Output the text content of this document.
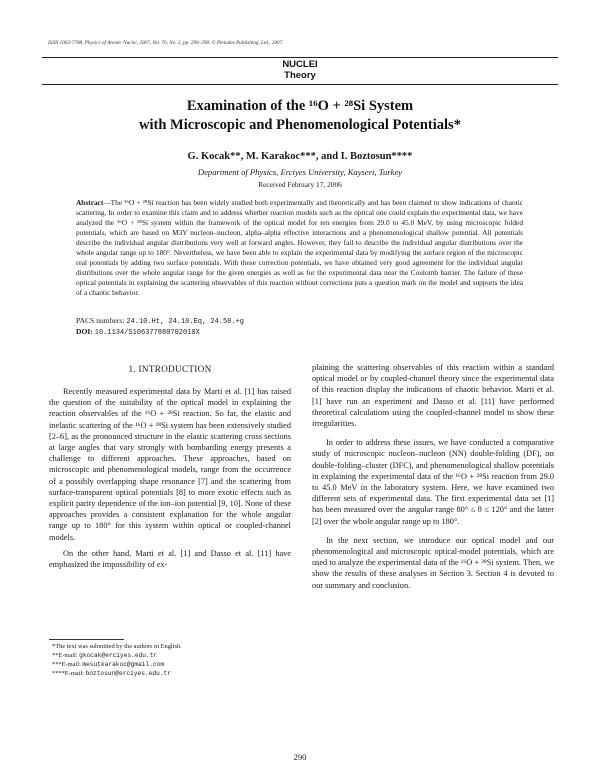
ISSN 1063-7788, Physics of Atomic Nuclei, 2007, Vol. 70, No. 2, pp. 290–298. © Pleiades Publishing, Ltd., 2007.
NUCLEI
Theory
Examination of the ¹⁶O + ²⁸Si System
with Microscopic and Phenomenological Potentials*
G. Kocak**, M. Karakoc***, and I. Boztosun****
Department of Physics, Erciyes University, Kayseri, Turkey
Received February 17, 2006
Abstract—The ¹⁶O + ²⁸Si reaction has been widely studied both experimentally and theoretically and has been claimed to show indications of chaotic scattering. In order to examine this claim and to address whether reaction models such as the optical one could explain the experimental data, we have analyzed the ¹⁶O + ²⁸Si system within the framework of the optical model for ten energies from 29.0 to 45.0 MeV, by using microscopic folded potentials, which are based on M3Y nucleon–nucleon, alpha–alpha effective interactions and a phenomenological shallow potential. All potentials describe the individual angular distributions very well at forward angles. However, they fail to describe the individual angular distributions over the whole angular range up to 180°. Nevertheless, we have been able to explain the experimental data by modifying the surface region of the microscopic real potentials by adding two surface potentials. With these correction potentials, we have obtained very good agreement for the individual angular distributions over the whole angular range for the given energies as well as for the experimental data near the Coulomb barrier. The failure of these optical potentials in explaining the scattering observables of this reaction without corrections puts a question mark on the model and supports the idea of a chaotic behavior.
PACS numbers: 24.10.Ht, 24.10.Eq, 24.50.+g
DOI: 10.1134/S106377880702010X
1. INTRODUCTION

Recently measured experimental data by Marti et al. [1] has raised the question of the suitability of the optical model in explaining the reaction observables of the ¹⁶O + ²⁸Si reaction. So far, the elastic and inelastic scattering of the ¹⁶O + ²⁸Si system has been extensively studied [2–6], as the pronounced structure in the elastic scattering cross sections at large angles that vary strongly with bombarding energy presents a challenge to different approaches. These approaches, based on microscopic and phenomenological models, range from the occurrence of a possibly overlapping shape resonance [7] and the scattering from surface-transparent optical potentials [8] to more exotic effects such as explicit parity dependence of the ion–ion potential [9, 10]. None of these approaches provides a consistent explanation for the whole angular range up to 180° for this system within optical or coupled-channel models.

On the other hand, Marti et al. [1] and Dasso et al. [11] have emphasized the impossibility of ex-

plaining the scattering observables of this reaction within a standard optical model or by coupled-channel theory since the experimental data of this reaction display the indications of chaotic behavior. Marti et al. [1] have run an experiment and Dasso et al. [11] have performed theoretical calculations using the coupled-channel model to show these irregularities.

In order to address these issues, we have conducted a comparative study of microscopic nucleon–nucleon (NN) double-folding (DF), αα double-folding–cluster (DFC), and phenomenological shallow potentials in explaining the experimental data of the ¹⁶O + ²⁸Si reaction from 29.0 to 45.0 MeV in the laboratory system. Here, we have examined two different sets of experimental data. The first experimental data set [1] has been measured over the angular range 80° ≤ θ ≤ 120° and the latter [2] over the whole angular range up to 180°.

In the next section, we introduce our optical model and our phenomenological and microscopic optical-model potentials, which are used to analyze the experimental data of the ¹⁶O + ²⁸Si system. Then, we show the results of these analyses in Section 3. Section 4 is devoted to our summary and conclusion.

*The text was submitted by the authors in English.
**E-mail: gkocak@erciyes.edu.tr
***E-mail: mesutkarakoc@gmail.com
****E-mail: boztosun@erciyes.edu.tr
290
